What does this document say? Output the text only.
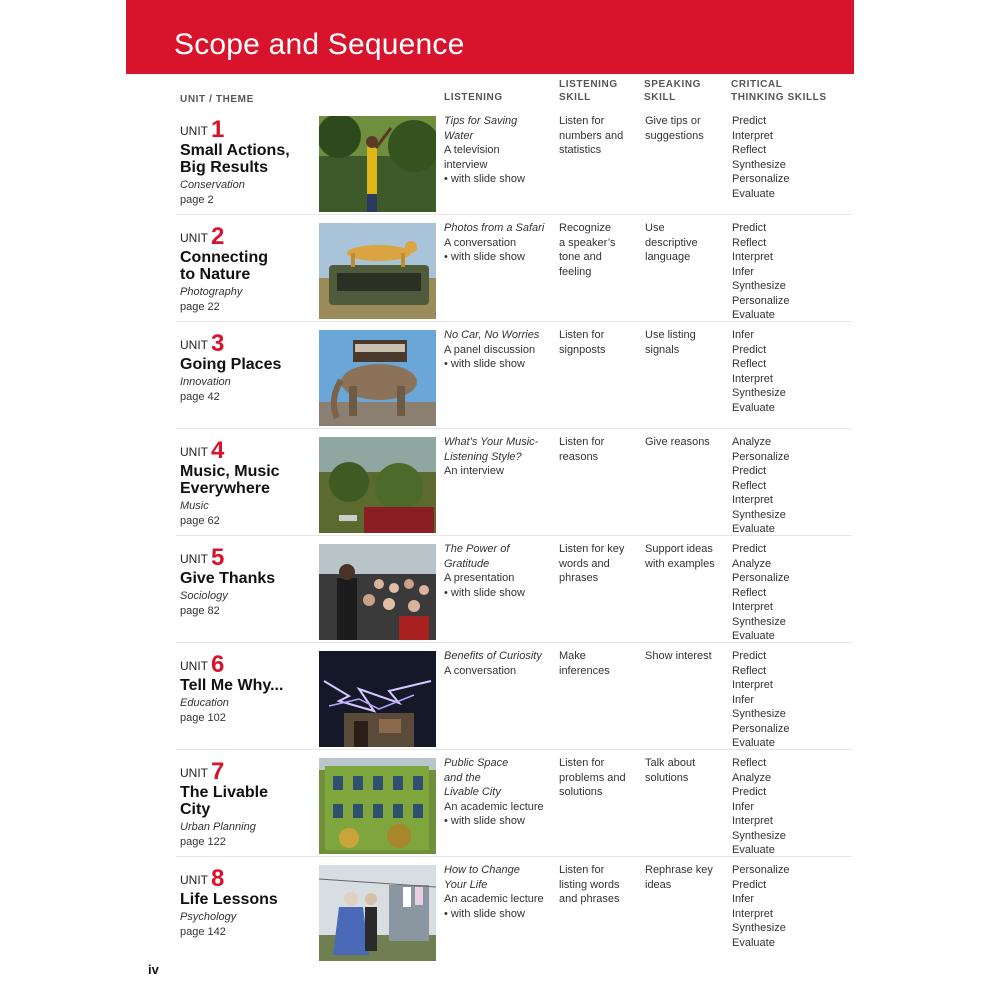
Scope and Sequence
UNIT / THEME	LISTENING
LISTENING
SKILL
SPEAKING
SKILL
CRITICAL
THINKING SKILLS
UNIT 1
Small Actions,
Big Results
Conservation
page 2
Tips for Saving
Water
A television
interview
• with slide show
Listen for
numbers and
statistics
Give tips or
suggestions
Predict
Interpret
Reflect
Synthesize
Personalize
Evaluate
UNIT 2
Connecting
to Nature
Photography
page 22
Photos from a Safari
A conversation
• with slide show
Recognize
a speaker’s
tone and
feeling
Use
descriptive
language
Predict
Reflect
Interpret
Infer
Synthesize
Personalize
Evaluate
UNIT 3
Going Places
Innovation
page 42
No Car, No Worries
A panel discussion
• with slide show
Listen for
signposts
Use listing
signals
Infer
Predict
Reflect
Interpret
Synthesize
Evaluate
UNIT 4
Music, Music
Everywhere
Music
page 62
What’s Your Music-
Listening Style?
An interview
Listen for
reasons
Give reasons Analyze
Personalize
Predict
Reflect
Interpret
Synthesize
Evaluate
UNIT 5
Give Thanks
Sociology
page 82
The Power of
Gratitude
A presentation
• with slide show
Listen for key
words and
phrases
Support ideas
with examples
Predict
Analyze
Personalize
Reflect
Interpret
Synthesize
Evaluate
UNIT 6
Tell Me Why...
Education
page 102
Benefits of Curiosity
A conversation
Make
inferences
Show interest Predict
Reflect
Interpret
Infer
Synthesize
Personalize
Evaluate
UNIT 7
The Livable
City
Urban Planning
page 122
Public Space
and the
Livable City
An academic lecture
• with slide show
Listen for
problems and
solutions
Talk about
solutions
Reflect
Analyze
Predict
Infer
Interpret
Synthesize
Evaluate
UNIT 8
Life Lessons
Psychology
page 142
How to Change
Your Life
An academic lecture
• with slide show
Listen for
listing words
and phrases
Rephrase key
ideas
Personalize
Predict
Infer
Interpret
Synthesize
Evaluate
iv
